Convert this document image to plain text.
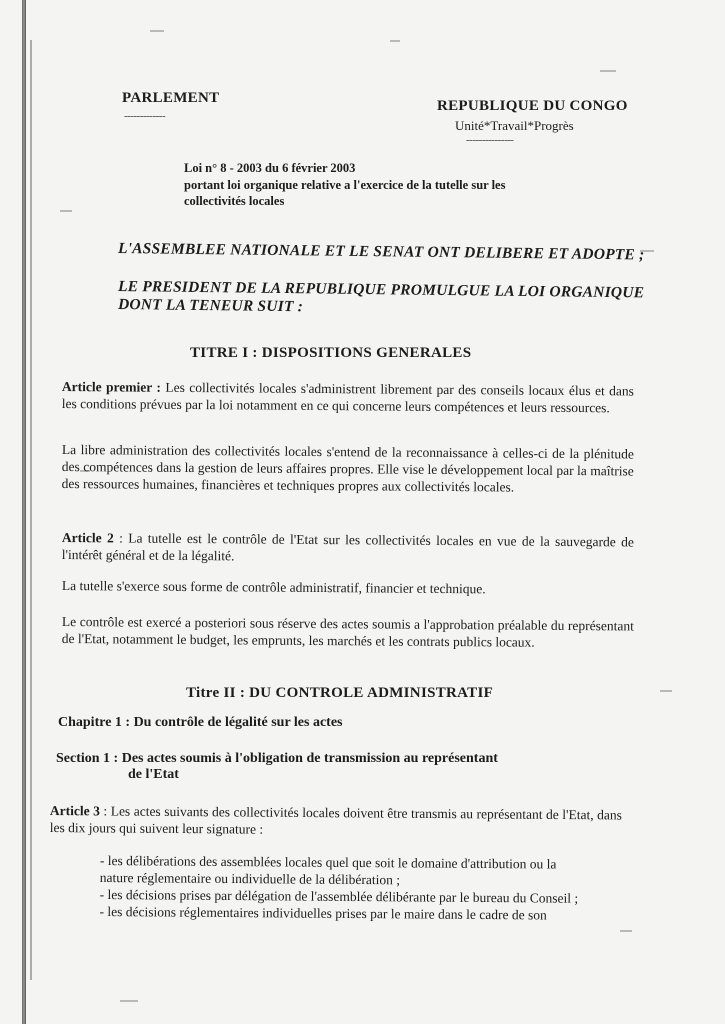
PARLEMENT
-------------
REPUBLIQUE DU CONGO
Unité*Travail*Progrès
---------------
Loi n° 8 - 2003 du 6 février 2003
portant loi organique relative a l'exercice de la tutelle sur les
collectivités locales
L'ASSEMBLEE NATIONALE ET LE SENAT ONT DELIBERE ET ADOPTE ;
LE PRESIDENT DE LA REPUBLIQUE PROMULGUE LA LOI ORGANIQUE
DONT LA TENEUR SUIT :
TITRE I : DISPOSITIONS GENERALES
Article premier : Les collectivités locales s'administrent librement par des conseils locaux élus et dans les conditions prévues par la loi notamment en ce qui concerne leurs compétences et leurs ressources.
La libre administration des collectivités locales s'entend de la reconnaissance à celles-ci de la plénitude des compétences dans la gestion de leurs affaires propres. Elle vise le développement local par la maîtrise des ressources humaines, financières et techniques propres aux collectivités locales.
Article 2 : La tutelle est le contrôle de l'Etat sur les collectivités locales en vue de la sauvegarde de l'intérêt général et de la légalité.
La tutelle s'exerce sous forme de contrôle administratif, financier et technique.
Le contrôle est exercé a posteriori sous réserve des actes soumis a l'approbation préalable du représentant de l'Etat, notamment le budget, les emprunts, les marchés et les contrats publics locaux.
Titre II : DU CONTROLE ADMINISTRATIF
Chapitre 1 : Du contrôle de légalité sur les actes
Section 1 : Des actes soumis à l'obligation de transmission au représentant
de l'Etat
Article 3 : Les actes suivants des collectivités locales doivent être transmis au représentant de l'Etat, dans les dix jours qui suivent leur signature :
- les délibérations des assemblées locales quel que soit le domaine d'attribution ou la nature réglementaire ou individuelle de la délibération ;
- les décisions prises par délégation de l'assemblée délibérante par le bureau du Conseil ;
- les décisions réglementaires individuelles prises par le maire dans le cadre de son
